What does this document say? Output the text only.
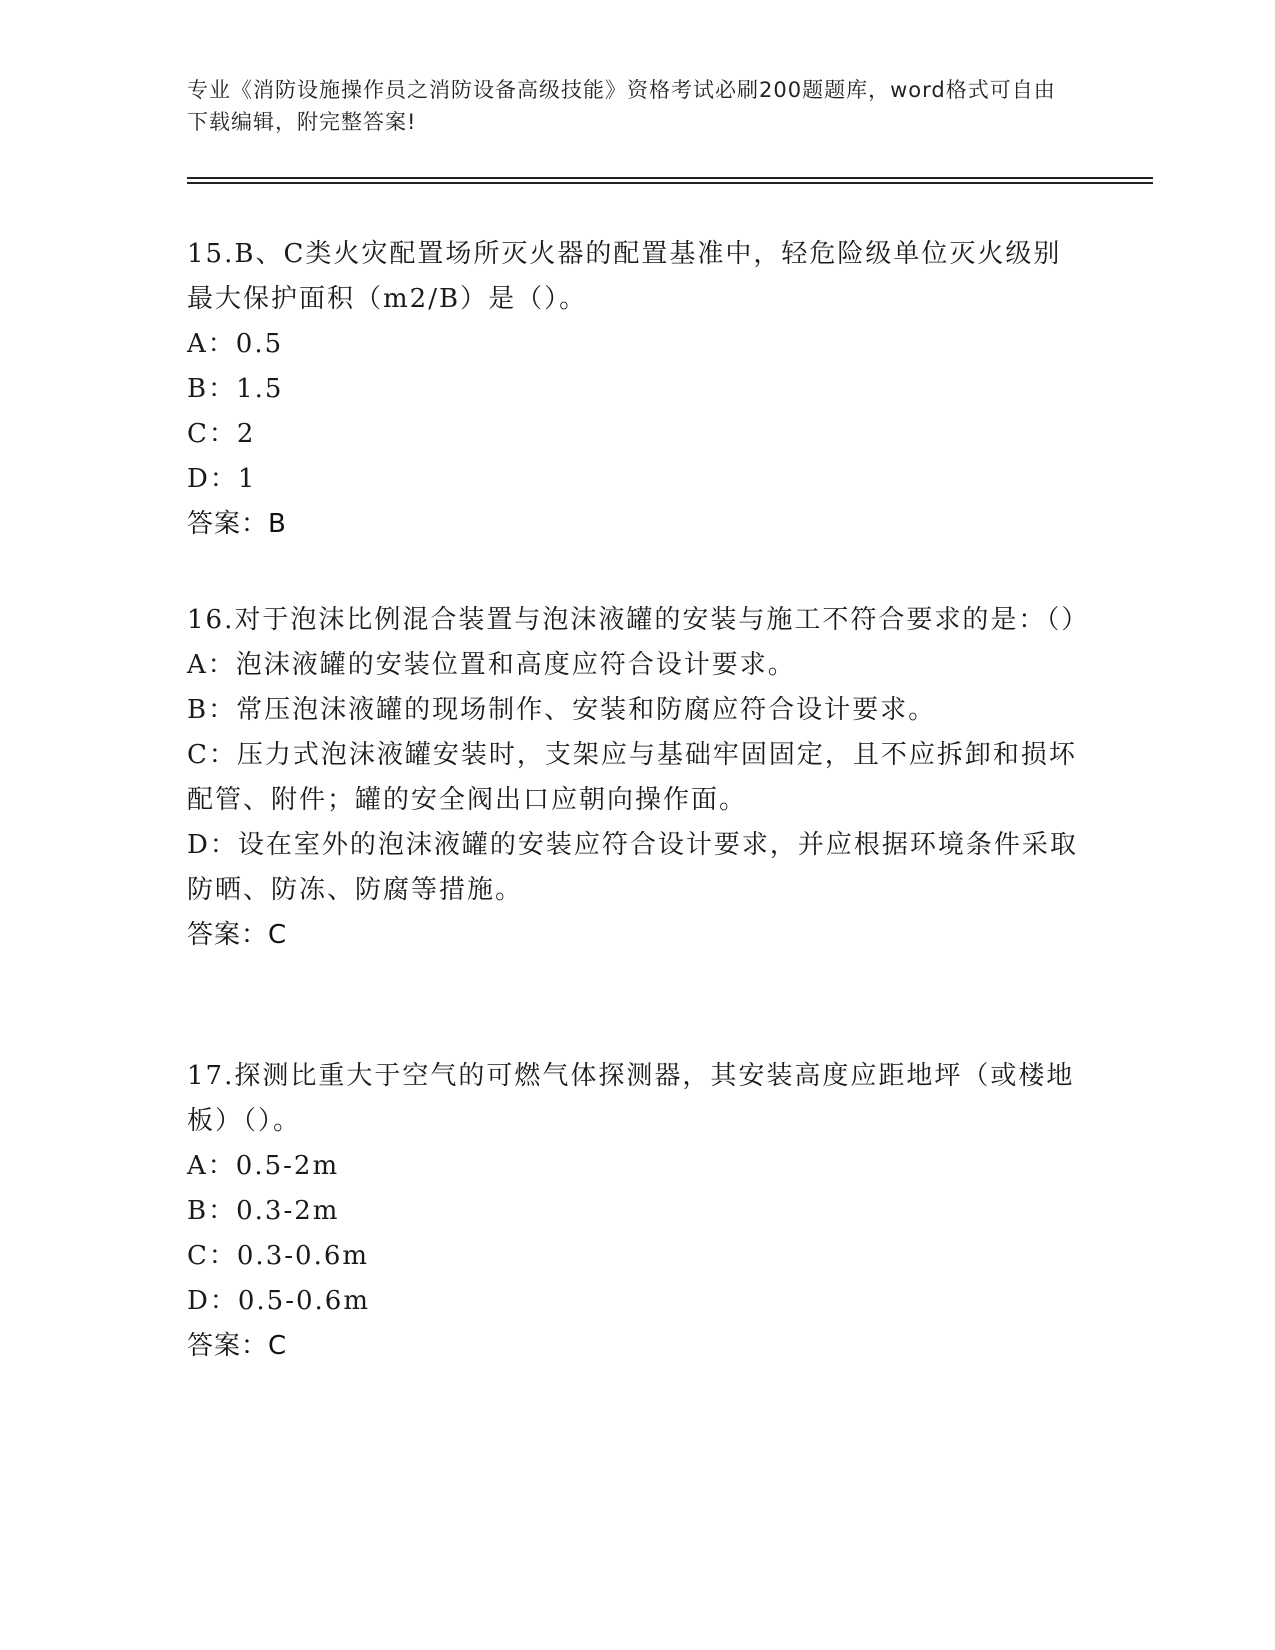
专业《消防设施操作员之消防设备高级技能》资格考试必刷200题题库，word格式可自由下载编辑，附完整答案!

15.B、C类火灾配置场所灭火器的配置基准中，轻危险级单位灭火级别最大保护面积（m2/B）是（）。

A：0.5

B：1.5

C：2

D：1

答案：B

16.对于泡沫比例混合装置与泡沫液罐的安装与施工不符合要求的是：（）

A：泡沫液罐的安装位置和高度应符合设计要求。

B：常压泡沫液罐的现场制作、安装和防腐应符合设计要求。

C：压力式泡沫液罐安装时，支架应与基础牢固固定，且不应拆卸和损坏配管、附件；罐的安全阀出口应朝向操作面。

D：设在室外的泡沫液罐的安装应符合设计要求，并应根据环境条件采取防晒、防冻、防腐等措施。

答案：C

17.探测比重大于空气的可燃气体探测器，其安装高度应距地坪（或楼地板）（）。

A：0.5-2m

B：0.3-2m

C：0.3-0.6m

D：0.5-0.6m

答案：C
